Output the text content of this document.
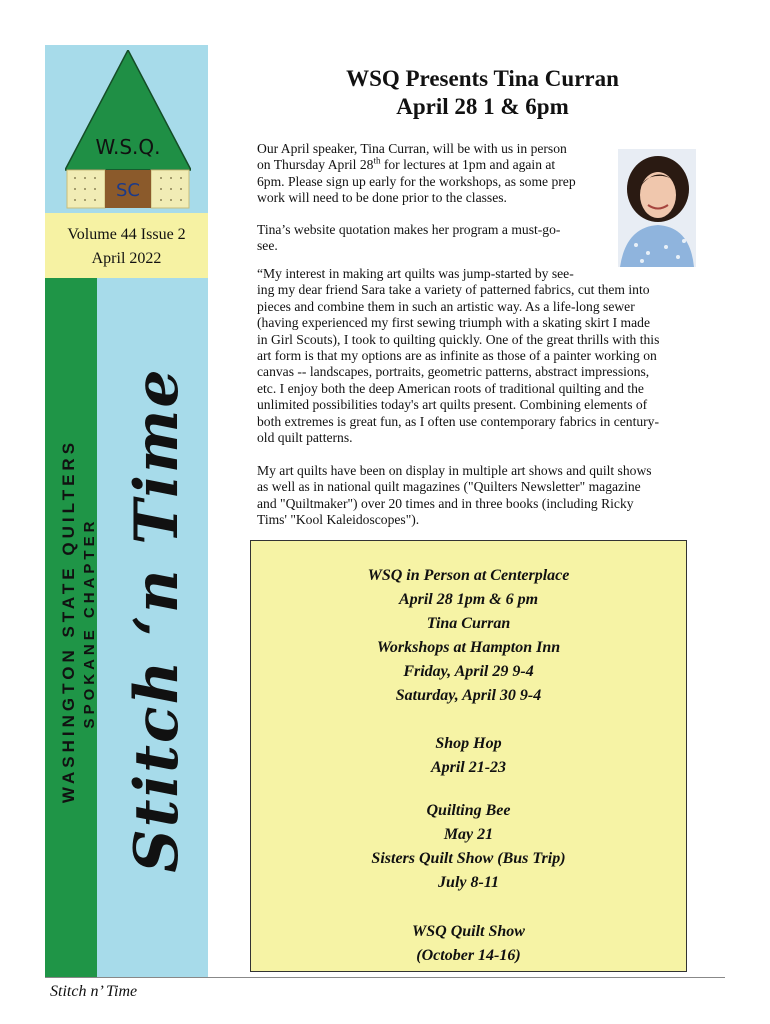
W.S.Q.
SC
Volume 44 Issue 2
April 2022
WASHINGTON STATE QUILTERS SPOKANE CHAPTER Stitch ‘n Time
WSQ Presents Tina Curran
April 28 1 & 6pm
Our April speaker, Tina Curran, will be with us in person
on Thursday April 28th for lectures at 1pm and again at
6pm. Please sign up early for the workshops, as some prep
work will need to be done prior to the classes.
Tina’s website quotation makes her program a must-go-
see.
“My interest in making art quilts was jump-started by see-
ing my dear friend Sara take a variety of patterned fabrics, cut them into
pieces and combine them in such an artistic way. As a life-long sewer
(having experienced my first sewing triumph with a skating skirt I made
in Girl Scouts), I took to quilting quickly. One of the great thrills with this
art form is that my options are as infinite as those of a painter working on
canvas -- landscapes, portraits, geometric patterns, abstract impressions,
etc. I enjoy both the deep American roots of traditional quilting and the
unlimited possibilities today's art quilts present. Combining elements of
both extremes is great fun, as I often use contemporary fabrics in century-
old quilt patterns.
My art quilts have been on display in multiple art shows and quilt shows
as well as in national quilt magazines ("Quilters Newsletter" magazine
and "Quiltmaker") over 20 times and in three books (including Ricky
Tims' "Kool Kaleidoscopes").
WSQ in Person at Centerplace
April 28 1pm & 6 pm
Tina Curran
Workshops at Hampton Inn
Friday, April 29 9-4
Saturday, April 30 9-4
Shop Hop
April 21-23
Quilting Bee
May 21
Sisters Quilt Show (Bus Trip)
July 8-11
WSQ Quilt Show
(October 14-16)
Stitch n’ Time
